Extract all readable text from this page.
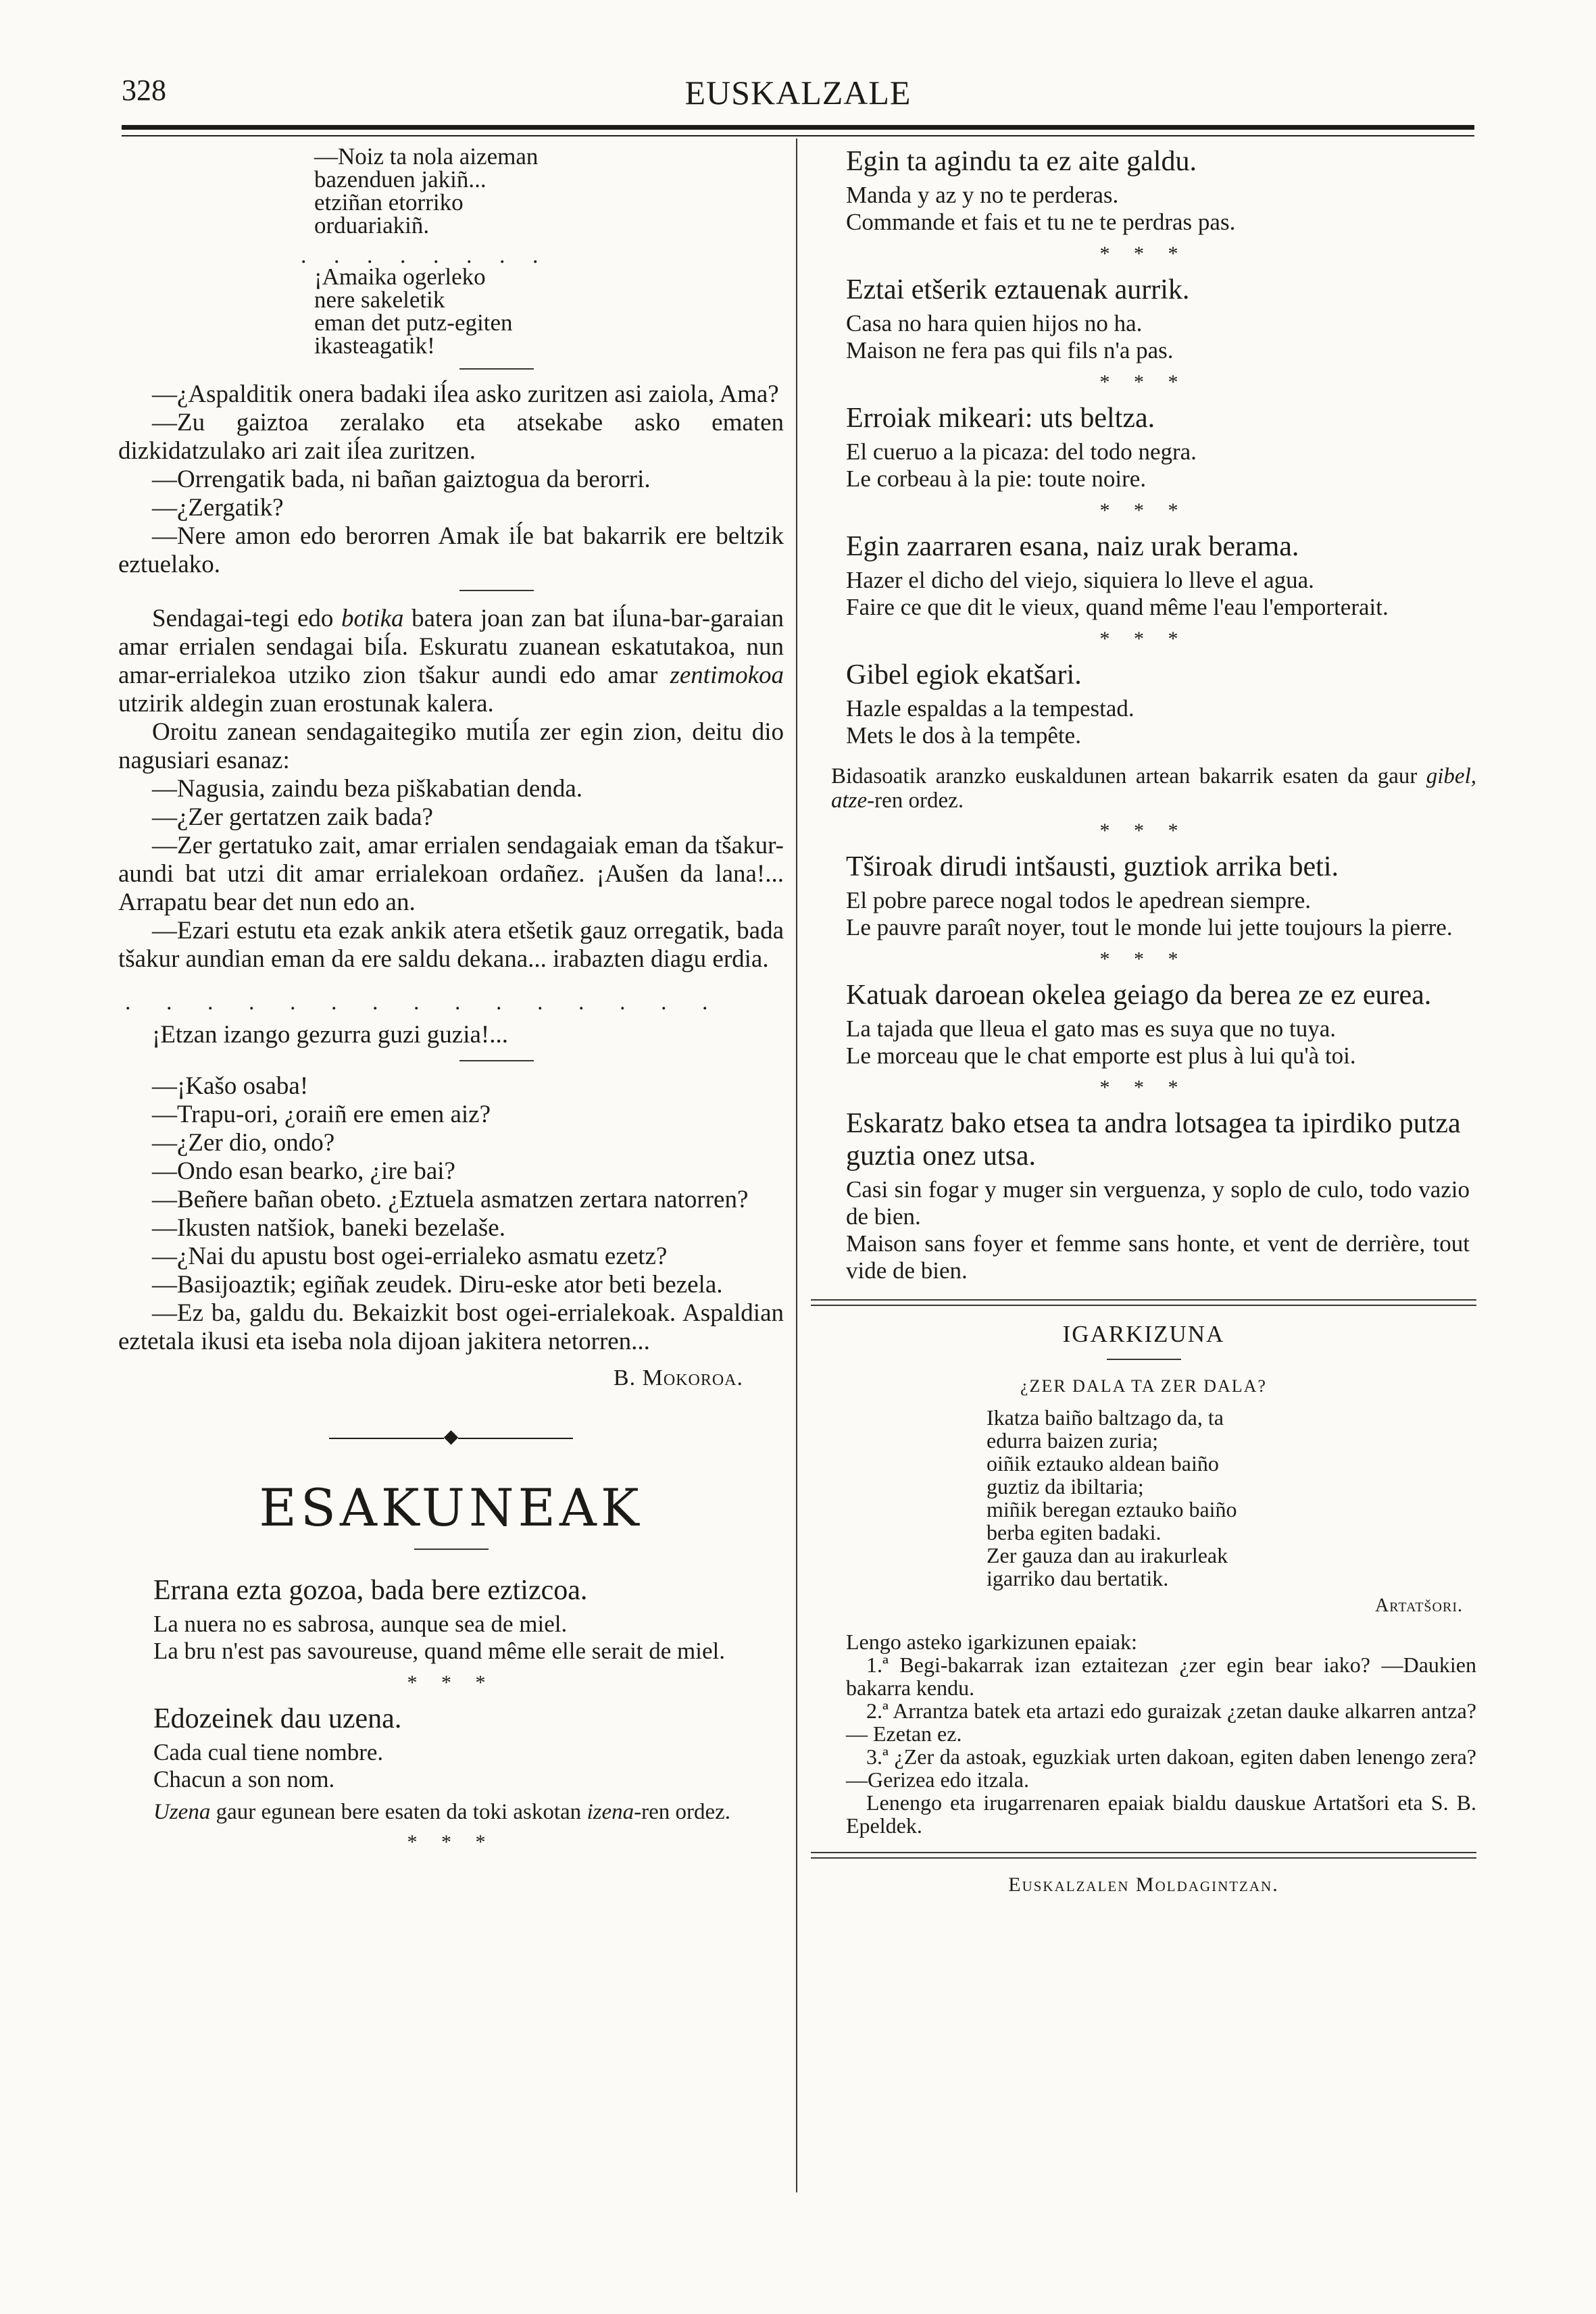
328	EUSKALZALE

—Noiz ta nola aizeman

bazenduen jakiñ...

etziñan etorriko

orduariakiñ.

. . . . . . . .

¡Amaika ogerleko

nere sakeletik

eman det putz-egiten

ikasteagatik!

—¿Aspalditik onera badaki iĺea asko zuritzen asi zaiola, Ama?

—Zu gaiztoa zeralako eta atsekabe asko ematen dizkidatzulako ari zait iĺea zuritzen.

—Orrengatik bada, ni bañan gaiztogua da berorri.

—¿Zergatik?

—Nere amon edo berorren Amak iĺe bat bakarrik ere beltzik eztuelako.

Sendagai-tegi edo botika batera joan zan bat iĺuna-bar-garaian amar errialen sendagai biĺa. Eskuratu zuanean eskatutakoa, nun amar-errialekoa utziko zion tšakur aundi edo amar zentimokoa utzirik aldegin zuan erostunak kalera.

Oroitu zanean sendagaitegiko mutiĺa zer egin zion, deitu dio nagusiari esanaz:

—Nagusia, zaindu beza piškabatian denda.

—¿Zer gertatzen zaik bada?

—Zer gertatuko zait, amar errialen sendagaiak eman da tšakur-aundi bat utzi dit amar errialekoan ordañez. ¡Aušen da lana!... Arrapatu bear det nun edo an.

—Ezari estutu eta ezak ankik atera etšetik gauz orregatik, bada tšakur aundian eman da ere saldu dekana... irabazten diagu erdia.

. . . . . . . . . . . . . . .

¡Etzan izango gezurra guzi guzia!...

—¡Kašo osaba!

—Trapu-ori, ¿oraiñ ere emen aiz?

—¿Zer dio, ondo?

—Ondo esan bearko, ¿ire bai?

—Beñere bañan obeto. ¿Eztuela asmatzen zertara natorren?

—Ikusten natšiok, baneki bezelaše.

—¿Nai du apustu bost ogei-errialeko asmatu ezetz?

—Basijoaztik; egiñak zeudek. Diru-eske ator beti bezela.

—Ez ba, galdu du. Bekaizkit bost ogei-errialekoak. Aspaldian eztetala ikusi eta iseba nola dijoan jakitera netorren...

B. Mokoroa.
◆
ESAKUNEAK

Errana ezta gozoa, bada bere eztizcoa.

La nuera no es sabrosa, aunque sea de miel.

La bru n'est pas savoureuse, quand même elle serait de miel.

* * *

Edozeinek dau uzena.

Cada cual tiene nombre.

Chacun a son nom.

Uzena gaur egunean bere esaten da toki askotan izena-ren ordez.
* * *

Egin ta agindu ta ez aite galdu.

Manda y az y no te perderas.

Commande et fais et tu ne te perdras pas.

* * *

Eztai etšerik eztauenak aurrik.

Casa no hara quien hijos no ha.

Maison ne fera pas qui fils n'a pas.

* * *

Erroiak mikeari: uts beltza.

El cueruo a la picaza: del todo negra.

Le corbeau à la pie: toute noire.

* * *

Egin zaarraren esana, naiz urak berama.

Hazer el dicho del viejo, siquiera lo lleve el agua.

Faire ce que dit le vieux, quand même l'eau l'emporterait.

* * *

Gibel egiok ekatšari.

Hazle espaldas a la tempestad.

Mets le dos à la tempête.

Bidasoatik aranzko euskaldunen artean bakarrik esaten da gaur gibel, atze-ren ordez.
* * *

Tširoak dirudi intšausti, guztiok arrika beti.

El pobre parece nogal todos le apedrean siempre.

Le pauvre paraît noyer, tout le monde lui jette toujours la pierre.

* * *

Katuak daroean okelea geiago da berea ze ez eurea.

La tajada que lleua el gato mas es suya que no tuya.

Le morceau que le chat emporte est plus à lui qu'à toi.

* * *

Eskaratz bako etsea ta andra lotsagea ta ipirdiko putza guztia onez utsa.

Casi sin fogar y muger sin verguenza, y soplo de culo, todo vazio de bien.

Maison sans foyer et femme sans honte, et vent de derrière, tout vide de bien.

IGARKIZUNA
¿ZER DALA TA ZER DALA?

Ikatza baiño baltzago da, ta

edurra baizen zuria;

oiñik eztauko aldean baiño

guztiz da ibiltaria;

miñik beregan eztauko baiño

berba egiten badaki.

Zer gauza dan au irakurleak

igarriko dau bertatik.

Artatšori.

Lengo asteko igarkizunen epaiak:

1.ª Begi-bakarrak izan eztaitezan ¿zer egin bear iako? —Daukien bakarra kendu.

2.ª Arrantza batek eta artazi edo guraizak ¿zetan dauke alkarren antza?— Ezetan ez.

3.ª ¿Zer da astoak, eguzkiak urten dakoan, egiten daben lenengo zera?—Gerizea edo itzala.

Lenengo eta irugarrenaren epaiak bialdu dauskue Artatšori eta S. B. Epeldek.

Euskalzalen Moldagintzan.
